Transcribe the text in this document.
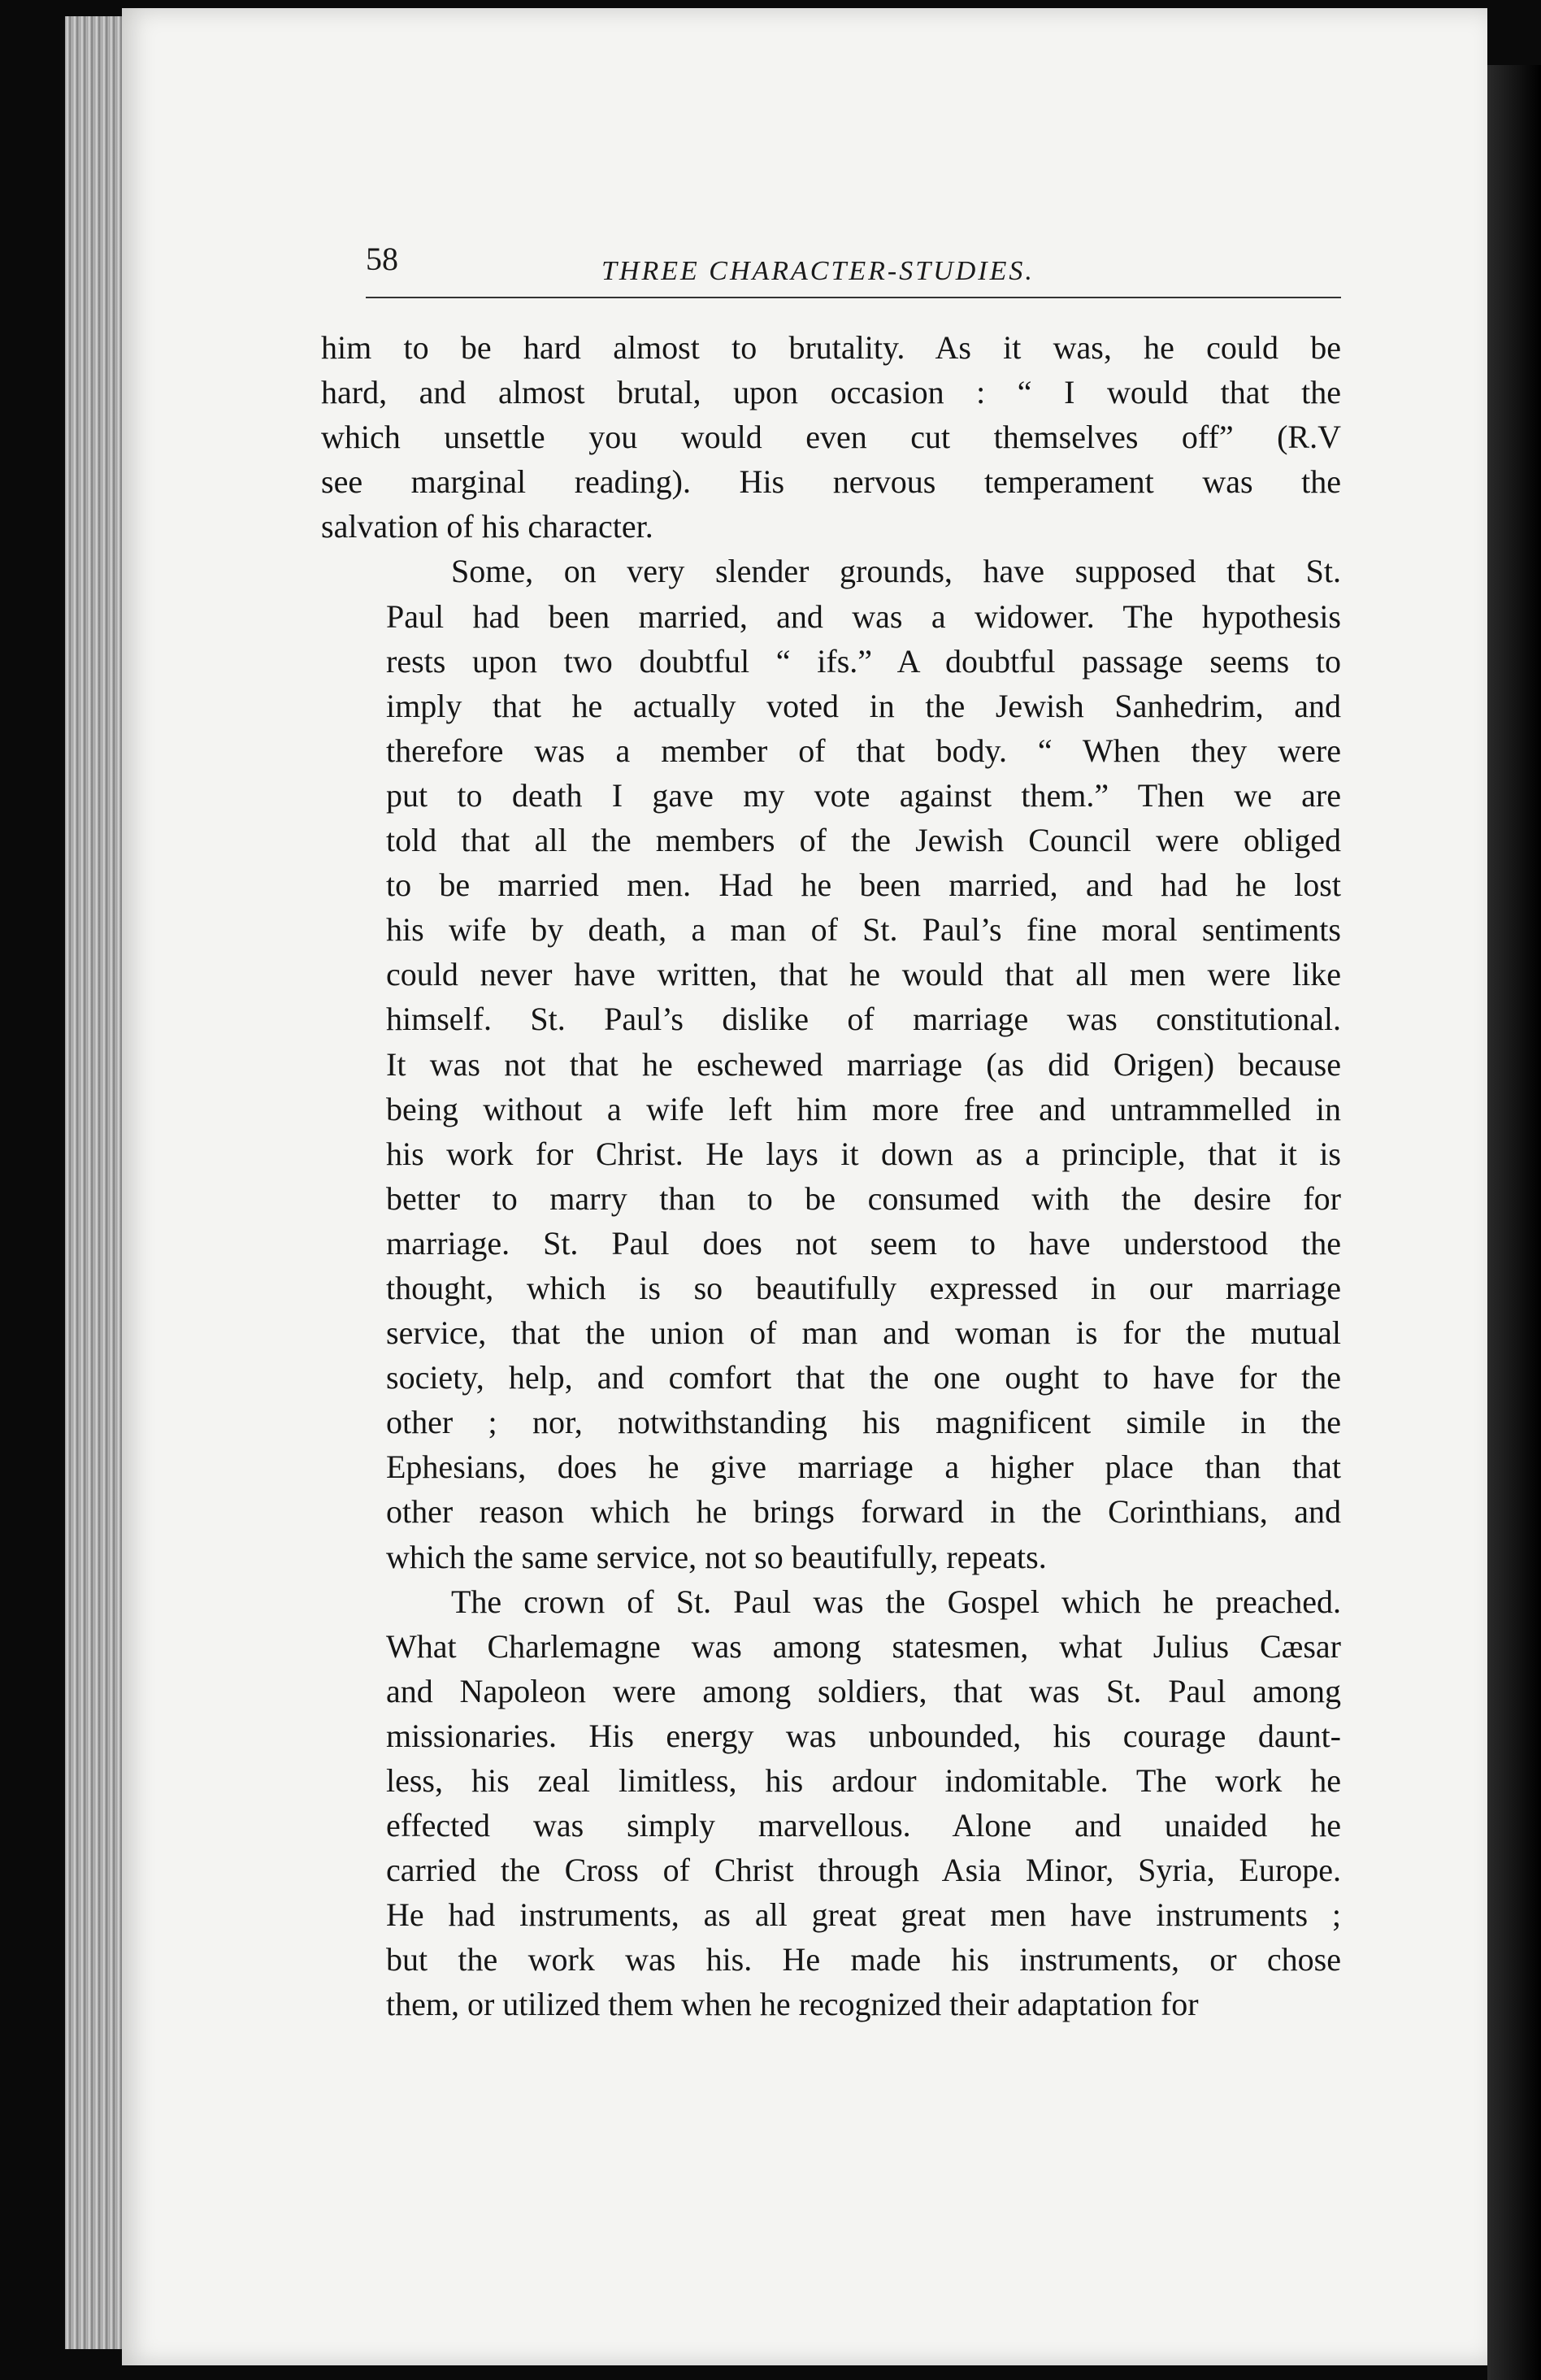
58	THREE CHARACTER-STUDIES.

him to be hard almost to brutality. As it was, he could be
hard, and almost brutal, upon occasion : “ I would that the
which unsettle you would even cut themselves off” (R.V
see marginal reading). His nervous temperament was the
salvation of his character.

Some, on very slender grounds, have supposed that St.
Paul had been married, and was a widower. The hypothesis
rests upon two doubtful “ ifs.” A doubtful passage seems to
imply that he actually voted in the Jewish Sanhedrim, and
therefore was a member of that body. “ When they were
put to death I gave my vote against them.” Then we are
told that all the members of the Jewish Council were obliged
to be married men. Had he been married, and had he lost
his wife by death, a man of St. Paul’s fine moral sentiments
could never have written, that he would that all men were like
himself. St. Paul’s dislike of marriage was constitutional.
It was not that he eschewed marriage (as did Origen) because
being without a wife left him more free and untrammelled in
his work for Christ. He lays it down as a principle, that it is
better to marry than to be consumed with the desire for
marriage. St. Paul does not seem to have understood the
thought, which is so beautifully expressed in our marriage
service, that the union of man and woman is for the mutual
society, help, and comfort that the one ought to have for the
other ; nor, notwithstanding his magnificent simile in the
Ephesians, does he give marriage a higher place than that
other reason which he brings forward in the Corinthians, and
which the same service, not so beautifully, repeats.

The crown of St. Paul was the Gospel which he preached.
What Charlemagne was among statesmen, what Julius Cæsar
and Napoleon were among soldiers, that was St. Paul among
missionaries. His energy was unbounded, his courage daunt-
less, his zeal limitless, his ardour indomitable. The work he
effected was simply marvellous. Alone and unaided he
carried the Cross of Christ through Asia Minor, Syria, Europe.
He had instruments, as all great great men have instruments ;
but the work was his. He made his instruments, or chose
them, or utilized them when he recognized their adaptation for
